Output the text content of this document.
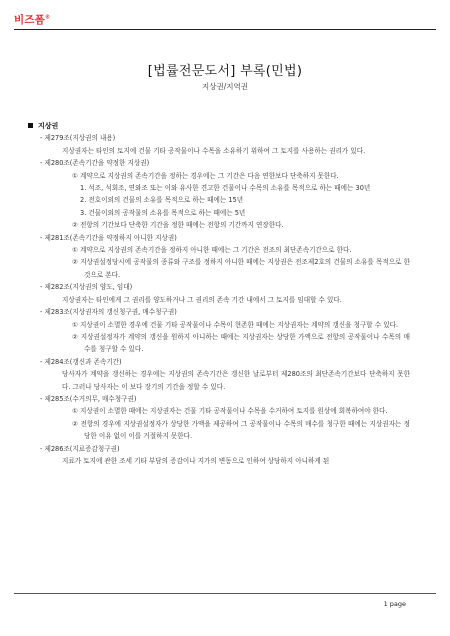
비즈폼®
[법률전문도서] 부록(민법)
지상권/지역권
지상권
- 제279조(지상권의 내용)
지상권자는 타인의 토지에 건물 기타 공작물이나 수목을 소유하기 위하여 그 토지를 사용하는 권리가 있다.
- 제280조(존속기간을 약정한 지상권)
① 계약으로 지상권의 존속기간을 정하는 경우에는 그 기간은 다음 연한보다 단축하지 못한다.
1. 석조, 석회조, 연와조 또는 이와 유사한 견고한 건물이나 수목의 소유를 목적으로 하는 때에는 30년
2. 전호이외의 건물의 소유를 목적으로 하는 때에는 15년
3. 건물이외의 공작물의 소유를 목적으로 하는 때에는 5년
② 전항의 기간보다 단축한 기간을 정한 때에는 전항의 기간까지 연장한다.
- 제281조(존속기간을 약정하지 아니한 지상권)
① 계약으로 지상권의 존속기간을 정하지 아니한 때에는 그 기간은 전조의 최단존속기간으로 한다.
② 지상권설정당시에 공작물의 종류와 구조를 정하지 아니한 때에는 지상권은 전조제2호의 건물의 소유를 목적으로 한 것으로 본다.
- 제282조(지상권의 양도, 임대)
지상권자는 타인에게 그 권리를 양도하거나 그 권리의 존속 기간 내에서 그 토지를 임대할 수 있다.
- 제283조(지상권자의 갱신청구권, 매수청구권)
① 지상권이 소멸한 경우에 건물 기타 공작물이나 수목이 현존한 때에는 지상권자는 계약의 갱신을 청구할 수 있다.
② 지상권설정자가 계약의 갱신을 원하지 아니하는 때에는 지상권자는 상당한 가액으로 전항의 공작물이나 수목의 매수를 청구할 수 있다.
- 제284조(갱신과 존속기간)
당사자가 계약을 갱신하는 경우에는 지상권의 존속기간은 갱신한 날로부터 제280조의 최단존속기간보다 단축하지 못한다. 그러나 당사자는 이 보다 장기의 기간을 정할 수 있다.
- 제285조(수거의무, 매수청구권)
① 지상권이 소멸한 때에는 지상권자는 건물 기타 공작물이나 수목을 수거하여 토지를 원상에 회복하여야 한다.
② 전항의 경우에 지상권설정자가 상당한 가액을 제공하여 그 공작물이나 수목의 매수를 청구한 때에는 지상권자는 정당한 이유 없이 이를 거절하지 못한다.
- 제286조(지료증감청구권)
지료가 토지에 관한 조세 기타 부담의 증감이나 지가의 변동으로 인하여 상당하지 아니하게 된
1 page
